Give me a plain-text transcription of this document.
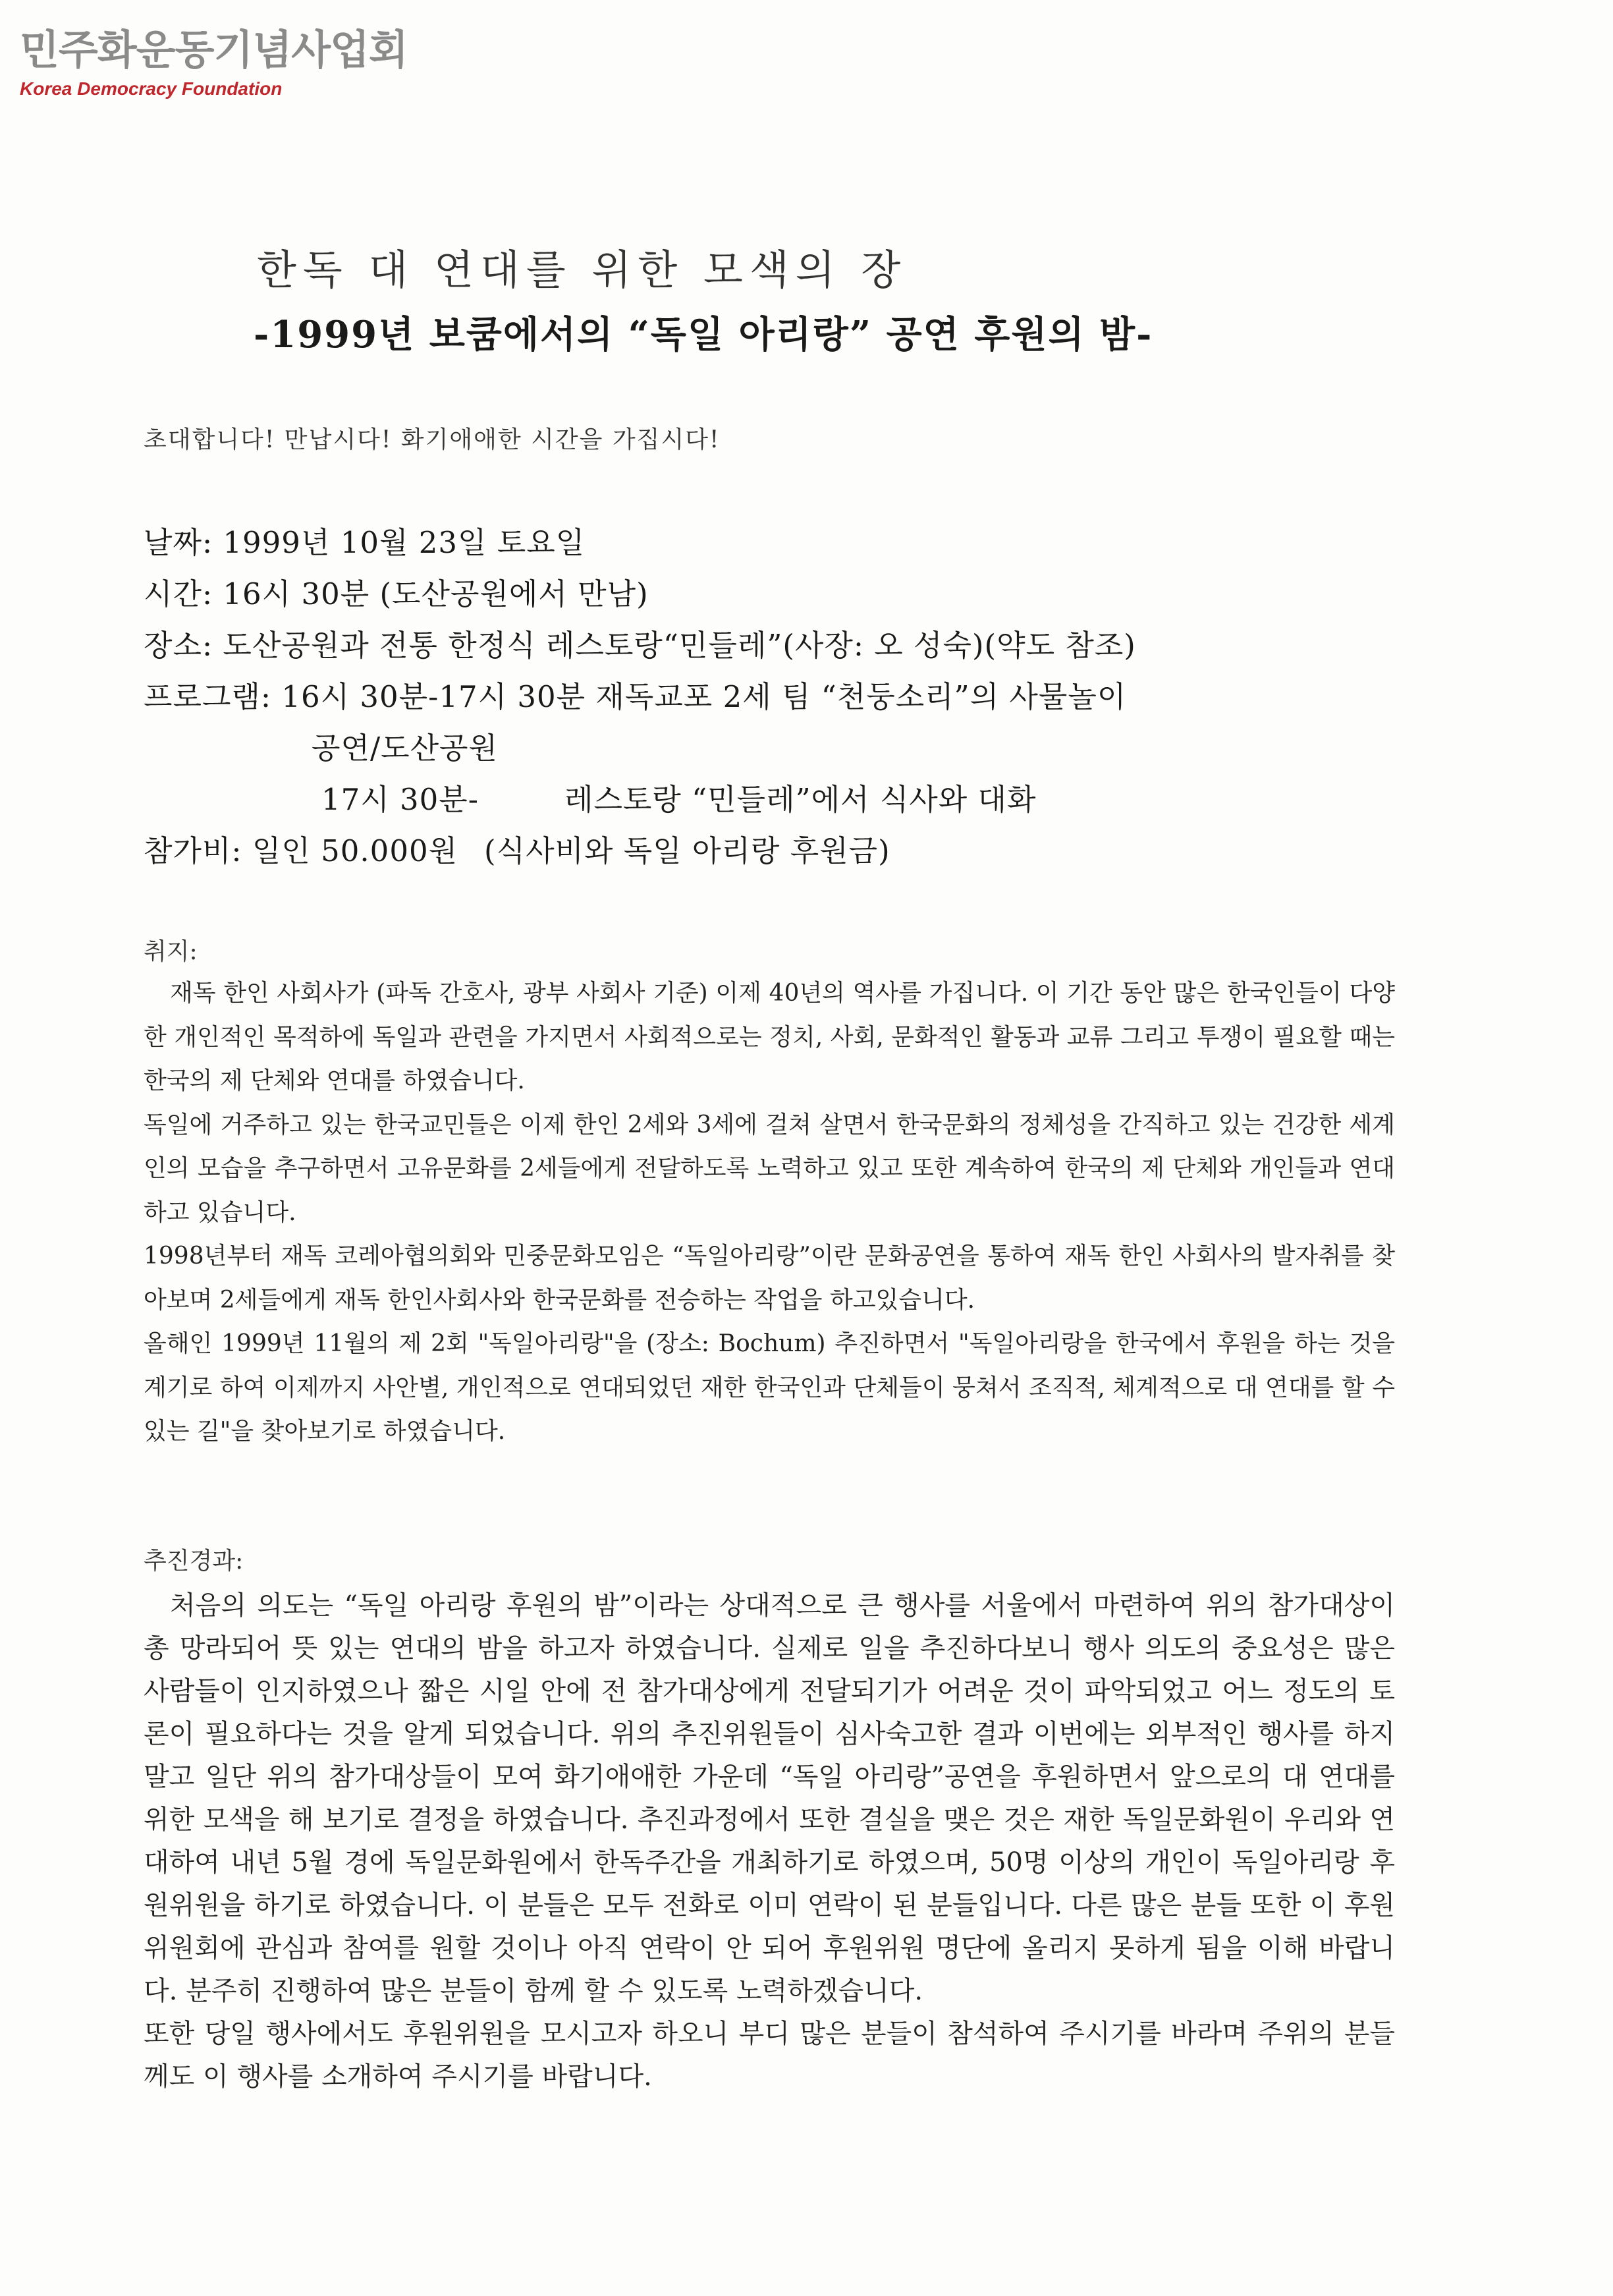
민주화운동기념사업회
Korea Democracy Foundation
한독 대 연대를 위한 모색의 장
-1999년 보쿰에서의 “독일 아리랑” 공연 후원의 밤-
초대합니다! 만납시다! 화기애애한 시간을 가집시다!
날짜: 1999년 10월 23일 토요일
시간: 16시 30분 (도산공원에서 만남)
장소: 도산공원과 전통 한정식 레스토랑“민들레”(사장: 오 성숙)(약도 참조)
프로그램: 16시 30분-17시 30분 재독교포 2세 팀 “천둥소리”의 사물놀이
공연/도산공원
17시 30분-	레스토랑 “민들레”에서 식사와 대화
참가비: 일인 50.000원 (식사비와 독일 아리랑 후원금)
취지:

재독 한인 사회사가 (파독 간호사, 광부 사회사 기준) 이제 40년의 역사를 가집니다. 이 기간 동안 많은 한국인들이 다양한 개인적인 목적하에 독일과 관련을 가지면서 사회적으로는 정치, 사회, 문화적인 활동과 교류 그리고 투쟁이 필요할 때는 한국의 제 단체와 연대를 하였습니다.

독일에 거주하고 있는 한국교민들은 이제 한인 2세와 3세에 걸쳐 살면서 한국문화의 정체성을 간직하고 있는 건강한 세계인의 모습을 추구하면서 고유문화를 2세들에게 전달하도록 노력하고 있고 또한 계속하여 한국의 제 단체와 개인들과 연대하고 있습니다.

1998년부터 재독 코레아협의회와 민중문화모임은 “독일아리랑”이란 문화공연을 통하여 재독 한인 사회사의 발자취를 찾아보며 2세들에게 재독 한인사회사와 한국문화를 전승하는 작업을 하고있습니다.

올해인 1999년 11월의 제 2회 "독일아리랑"을 (장소: Bochum) 추진하면서 "독일아리랑을 한국에서 후원을 하는 것을 계기로 하여 이제까지 사안별, 개인적으로 연대되었던 재한 한국인과 단체들이 뭉쳐서 조직적, 체계적으로 대 연대를 할 수 있는 길"을 찾아보기로 하였습니다.

추진경과:

처음의 의도는 “독일 아리랑 후원의 밤”이라는 상대적으로 큰 행사를 서울에서 마련하여 위의 참가대상이 총 망라되어 뜻 있는 연대의 밤을 하고자 하였습니다. 실제로 일을 추진하다보니 행사 의도의 중요성은 많은 사람들이 인지하였으나 짧은 시일 안에 전 참가대상에게 전달되기가 어려운 것이 파악되었고 어느 정도의 토론이 필요하다는 것을 알게 되었습니다. 위의 추진위원들이 심사숙고한 결과 이번에는 외부적인 행사를 하지 말고 일단 위의 참가대상들이 모여 화기애애한 가운데 “독일 아리랑”공연을 후원하면서 앞으로의 대 연대를 위한 모색을 해 보기로 결정을 하였습니다. 추진과정에서 또한 결실을 맺은 것은 재한 독일문화원이 우리와 연대하여 내년 5월 경에 독일문화원에서 한독주간을 개최하기로 하였으며, 50명 이상의 개인이 독일아리랑 후원위원을 하기로 하였습니다. 이 분들은 모두 전화로 이미 연락이 된 분들입니다. 다른 많은 분들 또한 이 후원위원회에 관심과 참여를 원할 것이나 아직 연락이 안 되어 후원위원 명단에 올리지 못하게 됨을 이해 바랍니다. 분주히 진행하여 많은 분들이 함께 할 수 있도록 노력하겠습니다.

또한 당일 행사에서도 후원위원을 모시고자 하오니 부디 많은 분들이 참석하여 주시기를 바라며 주위의 분들께도 이 행사를 소개하여 주시기를 바랍니다.
